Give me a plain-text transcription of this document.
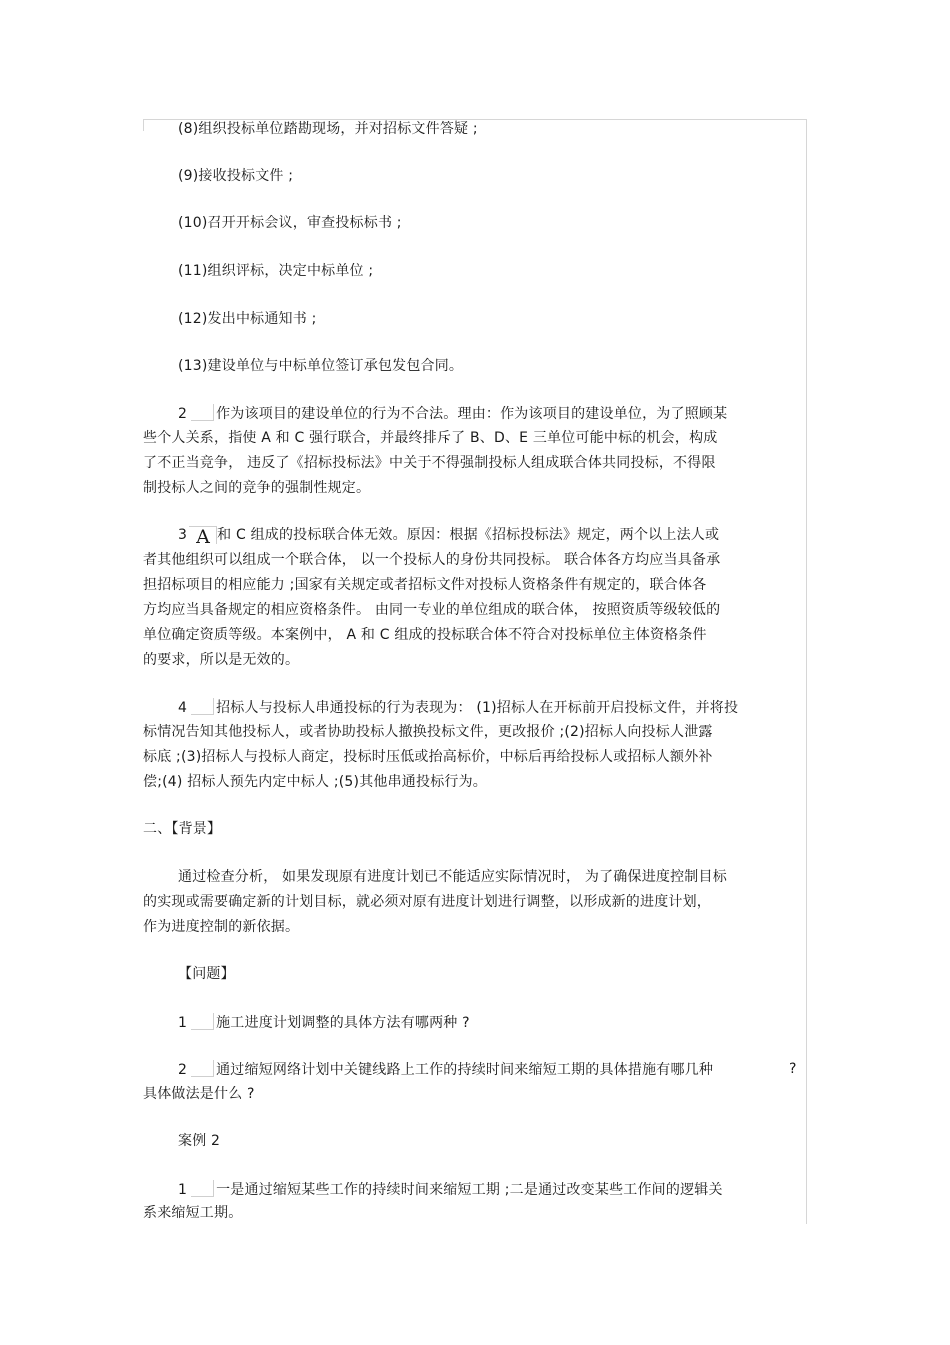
(8)组织投标单位踏勘现场，并对招标文件答疑 ;
(9)接收投标文件 ;
(10)召开开标会议，审查投标标书 ;
(11)组织评标，决定中标单位 ;
(12)发出中标通知书 ;
(13)建设单位与中标单位签订承包发包合同。
2 作为该项目的建设单位的行为不合法。理由：作为该项目的建设单位，为了照顾某
些个人关系，指使 A 和 C 强行联合，并最终排斥了 B、D、E 三单位可能中标的机会，构成
了不正当竞争， 违反了《招标投标法》中关于不得强制投标人组成联合体共同投标，不得限
制投标人之间的竞争的强制性规定。
3 A 和 C 组成的投标联合体无效。原因：根据《招标投标法》规定，两个以上法人或
者其他组织可以组成一个联合体， 以一个投标人的身份共同投标。 联合体各方均应当具备承
担招标项目的相应能力 ;国家有关规定或者招标文件对投标人资格条件有规定的，联合体各
方均应当具备规定的相应资格条件。 由同一专业的单位组成的联合体， 按照资质等级较低的
单位确定资质等级。本案例中， A 和 C 组成的投标联合体不符合对投标单位主体资格条件
的要求，所以是无效的。
4 招标人与投标人串通投标的行为表现为： (1)招标人在开标前开启投标文件，并将投
标情况告知其他投标人，或者协助投标人撤换投标文件，更改报价 ;(2)招标人向投标人泄露
标底 ;(3)招标人与投标人商定，投标时压低或抬高标价，中标后再给投标人或招标人额外补
偿;(4) 招标人预先内定中标人 ;(5)其他串通投标行为。
二、【背景】
通过检查分析， 如果发现原有进度计划已不能适应实际情况时， 为了确保进度控制目标
的实现或需要确定新的计划目标，就必须对原有进度计划进行调整，以形成新的进度计划，
作为进度控制的新依据。
【问题】
1 施工进度计划调整的具体方法有哪两种 ?
2 通过缩短网络计划中关键线路上工作的持续时间来缩短工期的具体措施有哪几种	?
具体做法是什么 ?
案例 2
1 一是通过缩短某些工作的持续时间来缩短工期 ;二是通过改变某些工作间的逻辑关
系来缩短工期。
